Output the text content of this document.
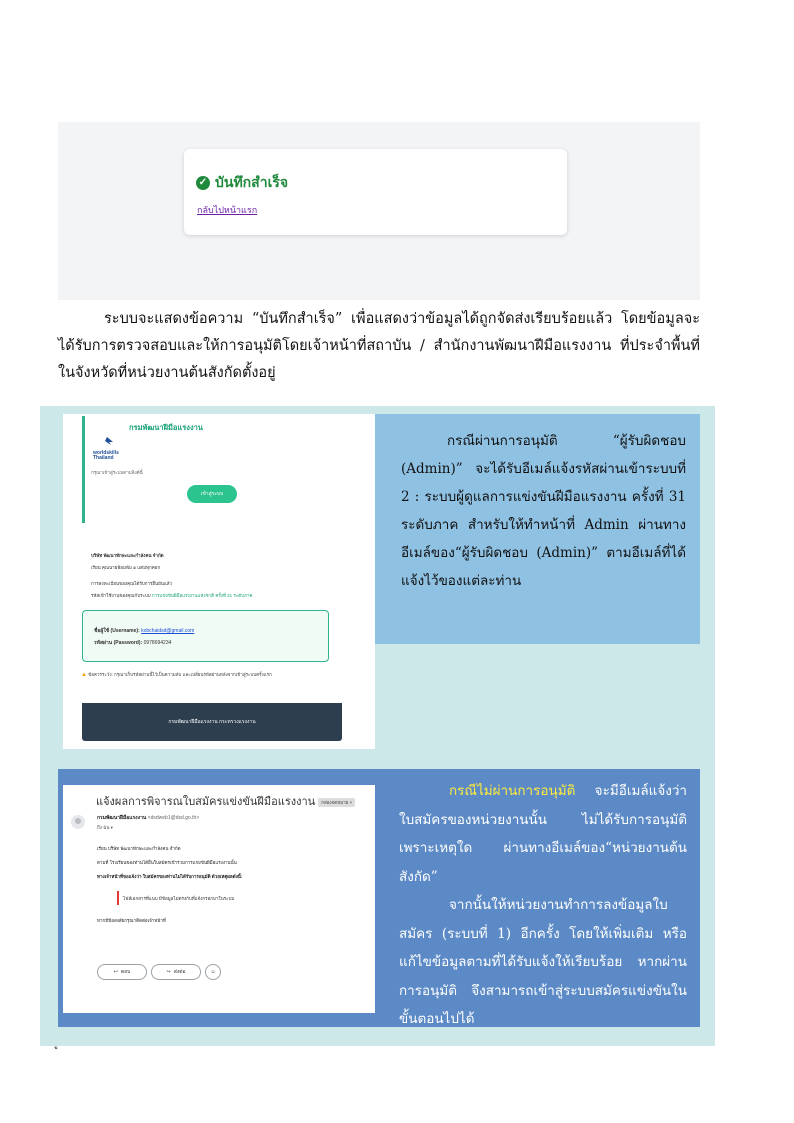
✓ บันทึกสำเร็จ
กลับไปหน้าแรก

ระบบจะแสดงข้อความ “บันทึกสำเร็จ” เพื่อแสดงว่าข้อมูลได้ถูกจัดส่งเรียบร้อยแล้ว โดยข้อมูลจะได้รับการตรวจสอบและให้การอนุมัติโดยเจ้าหน้าที่สถาบัน / สำนักงานพัฒนาฝีมือแรงงาน ที่ประจำพื้นที่ในจังหวัดที่หน่วยงานต้นสังกัดตั้งอยู่

กรมพัฒนาฝีมือแรงงาน
worldskills
Thailand
กรุณาเข้าสู่ระบบตามลิงค์นี้
เข้าสู่ระบบ
บริษัท พัฒนาทักษะและกำลังคน จำกัด
เรียน คุณนายพ้อมพ้ม ๑ แต่มทุกคอก
การลงทะเบียนของคุณได้รับการยืนยันแล้ว
รหัสเข้าใช้งานของคุณกับระบบ การแข่งขันฝีมือแรงงานแห่งชาติ ครั้งที่ 31 ระดับภาค
ชื่อผู้ใช้ (Username): kobchaidsd@gmail.com
รหัสผ่าน (Password): 0978694234
▲ ข้อควรระวัง: กรุณาเก็บรหัสผ่านนี้ไว้เป็นความลับ และเปลี่ยนรหัสผ่านหลังจากเข้าสู่ระบบครั้งแรก
กรมพัฒนาฝีมือแรงงาน กระทรวงแรงงาน

กรณีผ่านการอนุมัติ	“ผู้รับผิดชอบ (Admin)” จะได้รับอีเมล์แจ้งรหัสผ่านเข้าระบบที่ 2 : ระบบผู้ดูแลการแข่งขันฝีมือแรงงาน ครั้งที่ 31 ระดับภาค สำหรับให้ทำหน้าที่ Admin ผ่านทางอีเมล์ของ“ผู้รับผิดชอบ (Admin)” ตามอีเมล์ที่ได้แจ้งไว้ของแต่ละท่าน

แจ้งผลการพิจารณใบสมัครแข่งขันฝีมือแรงงาน กล่องจดหมาย ×
กรมพัฒนาฝีมือแรงงาน <dsdweb1@dsd.go.th>
ถึง ฉัน ▾
เรียน บริษัท พัฒนาทักษะและกำลังคน จำกัด
ตามที่ โรงเรียนของท่านได้ยื่นใบสมัครเข้าร่วมการแข่งขันฝีมือแรงงานนั้น
ทางเจ้าหน้าที่ขอแจ้งว่า ใบสมัครของท่านไม่ได้รับการอนุมัติ ด้วยเหตุผลดังนี้:
ไฟล์เอกสารที่แนบ มีข้อมูลไม่ตรงกับที่แจ้งกรอกมาในระบบ
หากมีข้อสงสัยกรุณาติดต่อเจ้าหน้าที่
↩ ตอบ	↪ ส่งต่อ	☺

กรณีไม่ผ่านการอนุมัติ จะมีอีเมล์แจ้งว่าใบสมัครของหน่วยงานนั้น ไม่ได้รับการอนุมัติเพราะเหตุใด ผ่านทางอีเมล์ของ“หน่วยงานต้นสังกัด”
จากนั้นให้หน่วยงานทำการลงข้อมูลใบสมัคร (ระบบที่ 1) อีกครั้ง โดยให้เพิ่มเติม หรือแก้ไขข้อมูลตามที่ได้รับแจ้งให้เรียบร้อย หากผ่านการอนุมัติ จึงสามารถเข้าสู่ระบบสมัครแข่งขันในขั้นตอนไปได้
